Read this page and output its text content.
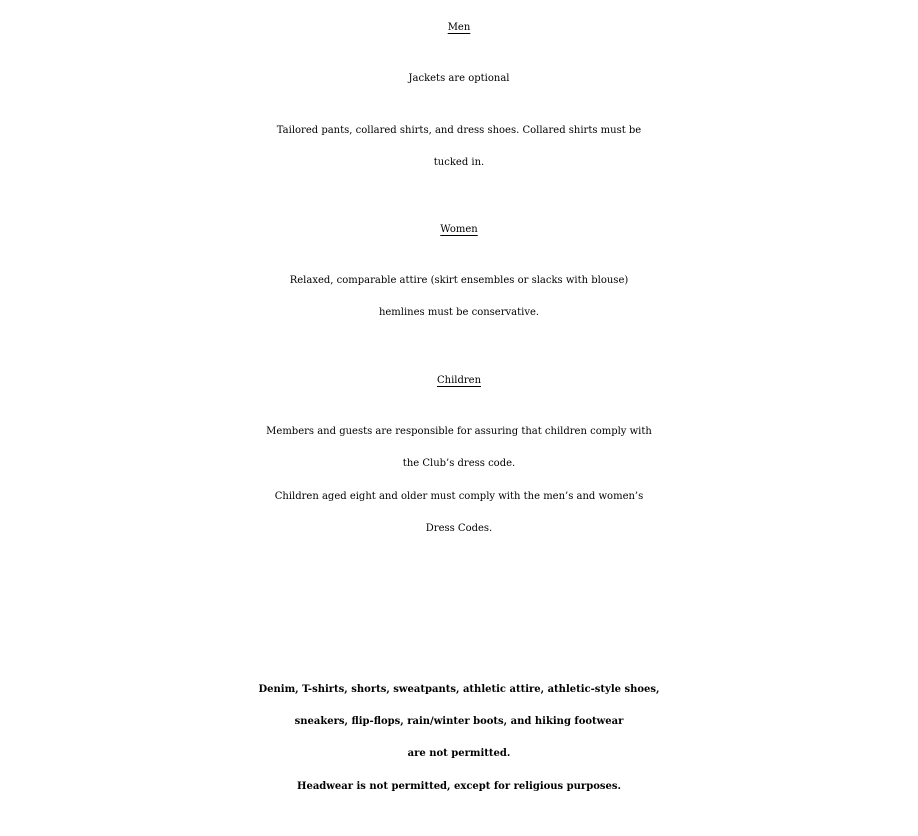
Men
Jackets are optional
Tailored pants, collared shirts, and dress shoes. Collared shirts must be
tucked in.
Women
Relaxed, comparable attire (skirt ensembles or slacks with blouse)
hemlines must be conservative.
Children
Members and guests are responsible for assuring that children comply with
the Club’s dress code.
Children aged eight and older must comply with the men’s and women’s
Dress Codes.
Denim, T-shirts, shorts, sweatpants, athletic attire, athletic-style shoes,
sneakers, flip-flops, rain/winter boots, and hiking footwear
are not permitted.
Headwear is not permitted, except for religious purposes.
